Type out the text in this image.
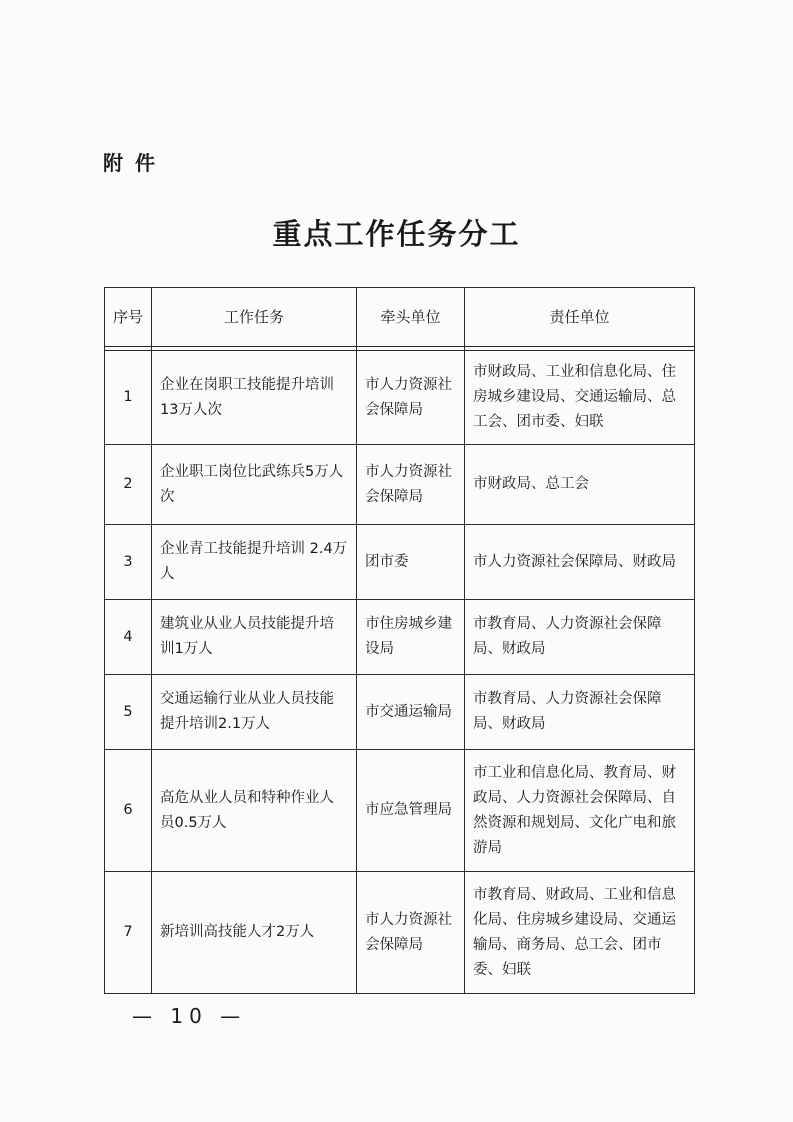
附件
重点工作任务分工
序号	工作任务	牵头单位	责任单位

1	企业在岗职工技能提升培训13万人次	市人力资源社会保障局	市财政局、工业和信息化局、住房城乡建设局、交通运输局、总工会、团市委、妇联
2	企业职工岗位比武练兵5万人次	市人力资源社会保障局	市财政局、总工会
3	企业青工技能提升培训 2.4万人	团市委	市人力资源社会保障局、财政局
4	建筑业从业人员技能提升培训1万人	市住房城乡建设局	市教育局、人力资源社会保障局、财政局
5	交通运输行业从业人员技能提升培训2.1万人	市交通运输局	市教育局、人力资源社会保障局、财政局
6	高危从业人员和特种作业人员0.5万人	市应急管理局	市工业和信息化局、教育局、财政局、人力资源社会保障局、自然资源和规划局、文化广电和旅游局
7	新培训高技能人才2万人	市人力资源社会保障局	市教育局、财政局、工业和信息化局、住房城乡建设局、交通运输局、商务局、总工会、团市委、妇联
— 10 —
